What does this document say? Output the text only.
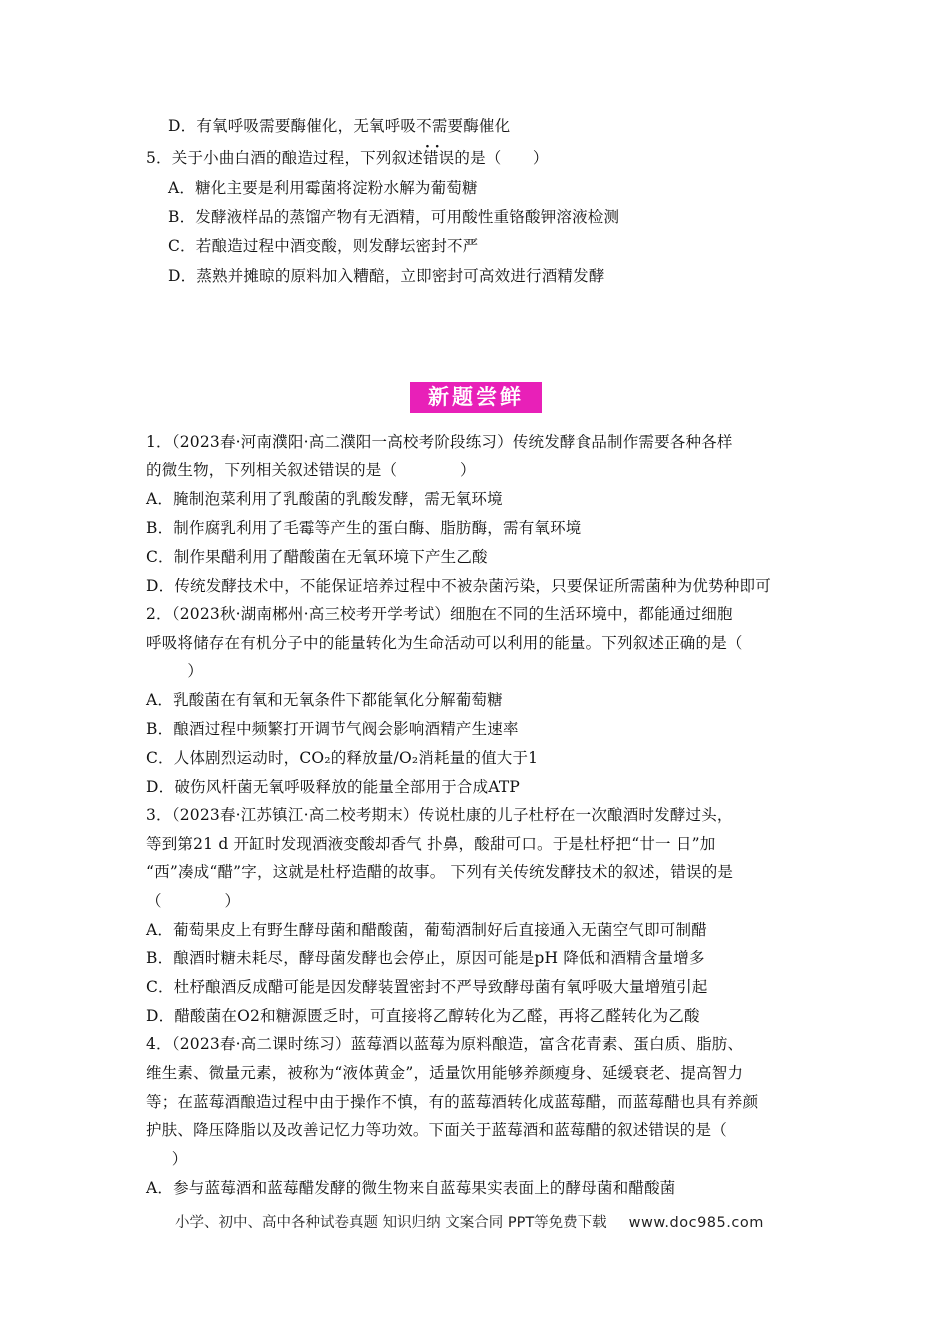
D．有氧呼吸需要酶催化，无氧呼吸不需要酶催化
5．关于小曲白酒的酿造过程，下列叙述· · 错误的是（　　）
A．糖化主要是利用霉菌将淀粉水解为葡萄糖
B．发酵液样品的蒸馏产物有无酒精，可用酸性重铬酸钾溶液检测
C．若酿造过程中酒变酸，则发酵坛密封不严
D．蒸熟并摊晾的原料加入糟醅，立即密封可高效进行酒精发酵
新题尝鲜
1．（2023春·河南濮阳·高二濮阳一高校考阶段练习）传统发酵食品制作需要各种各样
的微生物，下列相关叙述错误的是（　　　　）
A．腌制泡菜利用了乳酸菌的乳酸发酵，需无氧环境
B．制作腐乳利用了毛霉等产生的蛋白酶、脂肪酶，需有氧环境
C．制作果醋利用了醋酸菌在无氧环境下产生乙酸
D．传统发酵技术中，不能保证培养过程中不被杂菌污染，只要保证所需菌种为优势种即可
2．（2023秋·湖南郴州·高三校考开学考试）细胞在不同的生活环境中，都能通过细胞
呼吸将储存在有机分子中的能量转化为生命活动可以利用的能量。下列叙述正确的是（
　　）
A．乳酸菌在有氧和无氧条件下都能氧化分解葡萄糖
B．酿酒过程中频繁打开调节气阀会影响酒精产生速率
C．人体剧烈运动时，CO₂的释放量/O₂消耗量的值大于1
D．破伤风杆菌无氧呼吸释放的能量全部用于合成ATP
3．（2023春·江苏镇江·高二校考期末）传说杜康的儿子杜杼在一次酿酒时发酵过头，
等到第21 d 开缸时发现酒液变酸却香气 扑鼻，酸甜可口。于是杜杼把“廿一 日”加
“西”凑成“醋”字，这就是杜杼造醋的故事。 下列有关传统发酵技术的叙述，错误的是
（　　　　）
A．葡萄果皮上有野生酵母菌和醋酸菌，葡萄酒制好后直接通入无菌空气即可制醋
B．酿酒时糖未耗尽，酵母菌发酵也会停止，原因可能是pH 降低和酒精含量增多
C．杜杼酿酒反成醋可能是因发酵装置密封不严导致酵母菌有氧呼吸大量增殖引起
D．醋酸菌在O2和糖源匮乏时，可直接将乙醇转化为乙醛，再将乙醛转化为乙酸
4．（2023春·高二课时练习）蓝莓酒以蓝莓为原料酿造，富含花青素、蛋白质、脂肪、
维生素、微量元素，被称为“液体黄金”，适量饮用能够养颜瘦身、延缓衰老、提高智力
等；在蓝莓酒酿造过程中由于操作不慎，有的蓝莓酒转化成蓝莓醋，而蓝莓醋也具有养颜
护肤、降压降脂以及改善记忆力等功效。下面关于蓝莓酒和蓝莓醋的叙述错误的是（
　）
A．参与蓝莓酒和蓝莓醋发酵的微生物来自蓝莓果实表面上的酵母菌和醋酸菌
小学、初中、高中各种试卷真题 知识归纳 文案合同 PPT等免费下载 www.doc985.com
